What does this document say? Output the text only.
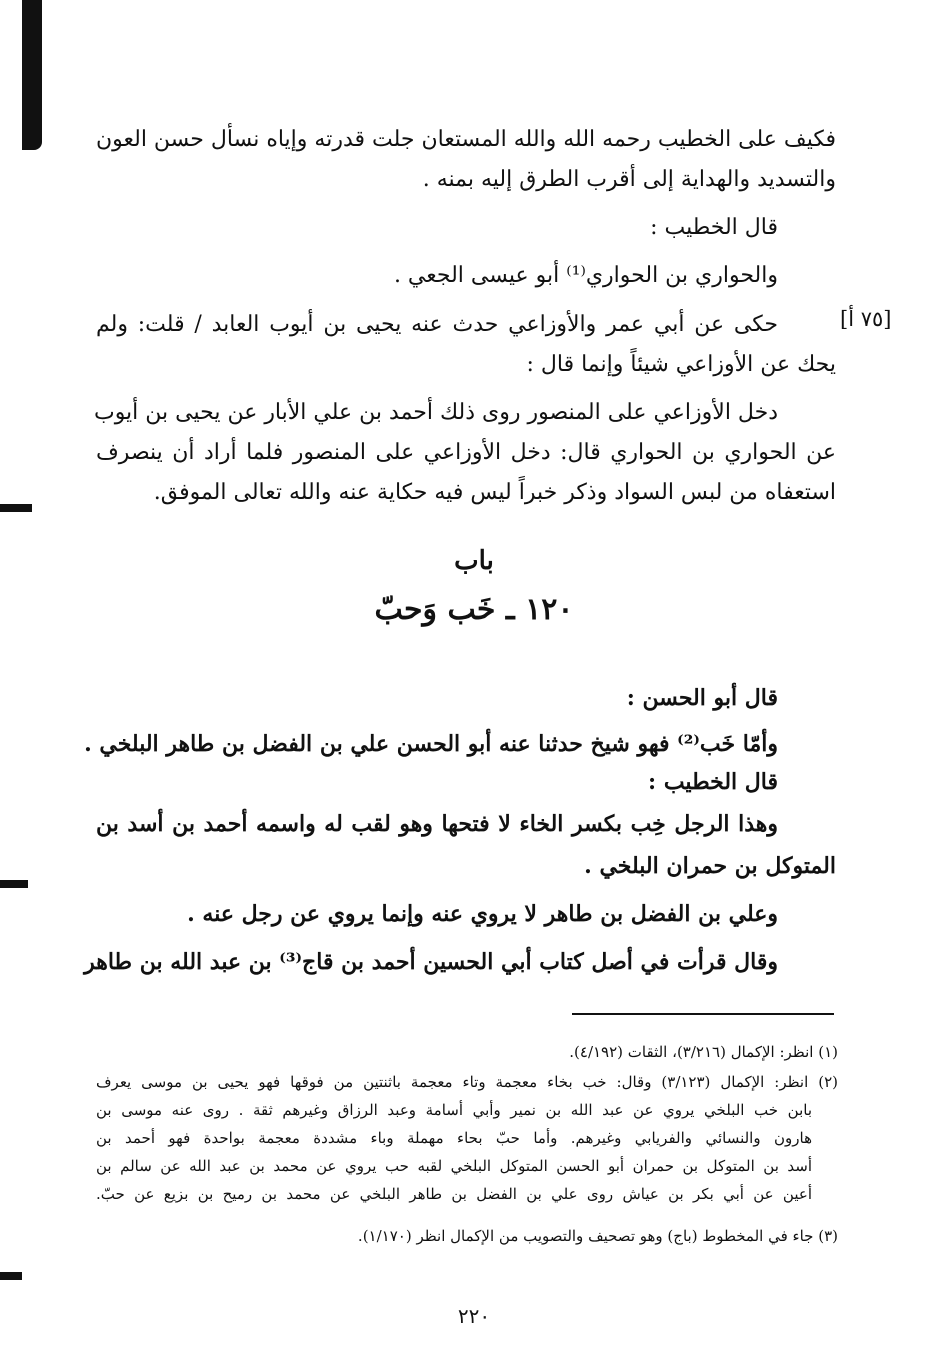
[٧٥ أ]
فكيف على الخطيب رحمه الله والله المستعان جلت قدرته وإياه نسأل حسن العون
والتسديد والهداية إلى أقرب الطرق إليه بمنه .
قال الخطيب :
والحواري بن الحواري⁽¹⁾ أبو عيسى الجعي .
حكى عن أبي عمر والأوزاعي حدث عنه يحيى بن أيوب العابد / قلت: ولم
يحك عن الأوزاعي شيئاً وإنما قال :
دخل الأوزاعي على المنصور روى ذلك أحمد بن علي الأبار عن يحيى بن أيوب
عن الحواري بن الحواري قال: دخل الأوزاعي على المنصور فلما أراد أن ينصرف
استعفاه من لبس السواد وذكر خبراً ليس فيه حكاية عنه والله تعالى الموفق.
باب
١٢٠ ـ خَب وَحبّ
قال أبو الحسن :
وأمّا خَب⁽²⁾ فهو شيخ حدثنا عنه أبو الحسن علي بن الفضل بن طاهر البلخي .
قال الخطيب :
وهذا الرجل خِب بكسر الخاء لا فتحها وهو لقب له واسمه أحمد بن أسد بن
المتوكل بن حمران البلخي .
وعلي بن الفضل بن طاهر لا يروي عنه وإنما يروي عن رجل عنه .
وقال قرأت في أصل كتاب أبي الحسين أحمد بن قاج⁽³⁾ بن عبد الله بن طاهر
(١) انظر: الإكمال (٣/٢١٦)، الثقات (٤/١٩٢).
(٢) انظر: الإكمال (٣/١٢٣) وقال: خب بخاء معجمة وتاء معجمة باثنتين من فوقها فهو يحيى بن موسى يعرف
بابن خب البلخي يروي عن عبد الله بن نمير وأبي أسامة وعبد الرزاق وغيرهم ثقة . روى عنه موسى بن
هارون والنسائي والفريابي وغيرهم. وأما حبّ بحاء مهملة وباء مشددة معجمة بواحدة فهو أحمد بن
أسد بن المتوكل بن حمران أبو الحسن المتوكل البلخي لقبه حب يروي عن محمد بن عبد الله عن سالم بن
أعين عن أبي بكر بن عياش روى علي بن الفضل بن طاهر البلخي عن محمد بن رميح بن بزيع عن حبّ.
(٣) جاء في المخطوط (باج) وهو تصحيف والتصويب من الإكمال انظر (١/١٧٠).
٢٢٠
